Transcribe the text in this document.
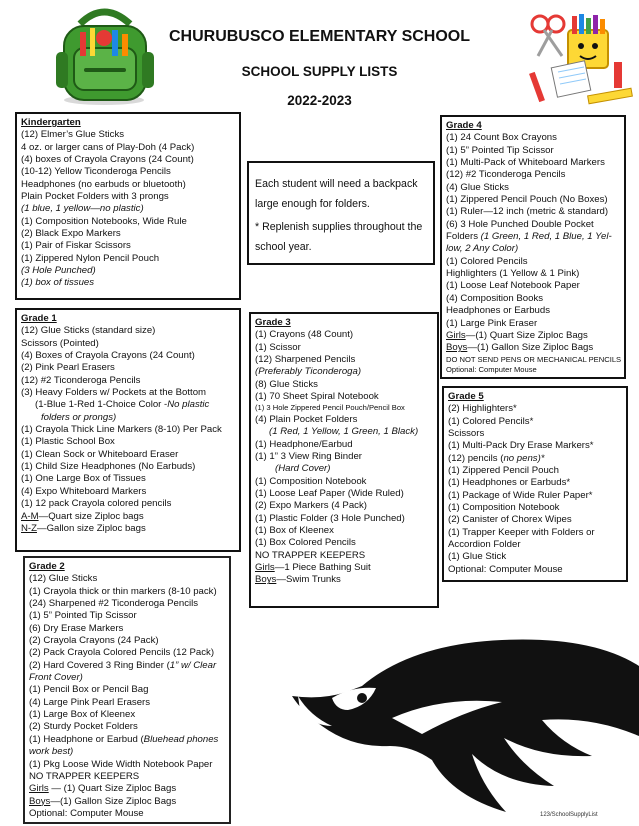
CHURUBUSCO ELEMENTARY SCHOOL
SCHOOL SUPPLY LISTS
2022-2023
Kindergarten
(12) Elmer’s Glue Sticks
4 oz. or larger cans of Play-Doh (4 Pack)
(4) boxes of Crayola Crayons (24 Count)
(10-12) Yellow Ticonderoga Pencils
Headphones (no earbuds or bluetooth)
Plain Pocket Folders with 3 prongs
(1 blue, 1 yellow—no plastic)
(1) Composition Notebooks, Wide Rule
(2) Black Expo Markers
(1) Pair of Fiskar Scissors
(1) Zippered Nylon Pencil Pouch
(3 Hole Punched)
(1) box of tissues
Each student will need a backpack large enough for folders.
* Replenish supplies throughout the school year.
Grade 1
(12) Glue Sticks (standard size)
Scissors (Pointed)
(4) Boxes of Crayola Crayons (24 Count)
(2) Pink Pearl Erasers
(12) #2 Ticonderoga Pencils
(3) Heavy Folders w/ Pockets at the Bottom
(1-Blue 1-Red 1-Choice Color -No plastic
folders or prongs)
(1) Crayola Thick Line Markers (8-10) Per Pack
(1) Plastic School Box
(1) Clean Sock or Whiteboard Eraser
(1) Child Size Headphones (No Earbuds)
(1) One Large Box of Tissues
(4) Expo Whiteboard Markers
(1) 12 pack Crayola colored pencils
A-M—Quart size Ziploc bags
N-Z—Gallon size Ziploc bags
Grade 2
(12) Glue Sticks
(1) Crayola thick or thin markers (8-10 pack)
(24) Sharpened #2 Ticonderoga Pencils
(1) 5” Pointed Tip Scissor
(6) Dry Erase Markers
(2) Crayola Crayons (24 Pack)
(2) Pack Crayola Colored Pencils (12 Pack)
(2) Hard Covered 3 Ring Binder (1” w/ Clear
Front Cover)
(1) Pencil Box or Pencil Bag
(4) Large Pink Pearl Erasers
(1) Large Box of Kleenex
(2) Sturdy Pocket Folders
(1) Headphone or Earbud (Bluehead phones
work best)
(1) Pkg Loose Wide Width Notebook Paper
NO TRAPPER KEEPERS
Girls — (1) Quart Size Ziploc Bags
Boys—(1) Gallon Size Ziploc Bags
Optional: Computer Mouse
Grade 3
(1) Crayons (48 Count)
(1) Scissor
(12) Sharpened Pencils
(Preferably Ticonderoga)
(8) Glue Sticks
(1) 70 Sheet Spiral Notebook
(1) 3 Hole Zippered Pencil Pouch/Pencil Box
(4) Plain Pocket Folders
(1 Red, 1 Yellow, 1 Green, 1 Black)
(1) Headphone/Earbud
(1) 1” 3 View Ring Binder
(Hard Cover)
(1) Composition Notebook
(1) Loose Leaf Paper (Wide Ruled)
(2) Expo Markers (4 Pack)
(1) Plastic Folder (3 Hole Punched)
(1) Box of Kleenex
(1) Box Colored Pencils
NO TRAPPER KEEPERS
Girls—1 Piece Bathing Suit
Boys—Swim Trunks
Grade 4
(1) 24 Count Box Crayons
(1) 5” Pointed Tip Scissor
(1) Multi-Pack of Whiteboard Markers
(12) #2 Ticonderoga Pencils
(4) Glue Sticks
(1) Zippered Pencil Pouch (No Boxes)
(1) Ruler—12 inch (metric & standard)
(6) 3 Hole Punched Double Pocket
Folders (1 Green, 1 Red, 1 Blue, 1 Yel-
low, 2 Any Color)
(1) Colored Pencils
Highlighters (1 Yellow & 1 Pink)
(1) Loose Leaf Notebook Paper
(4) Composition Books
Headphones or Earbuds
(1) Large Pink Eraser
Girls—(1) Quart Size Ziploc Bags
Boys—(1) Gallon Size Ziploc Bags
DO NOT SEND PENS OR MECHANICAL PENCILS
Optional: Computer Mouse
Grade 5
(2) Highlighters*
(1) Colored Pencils*
Scissors
(1) Multi-Pack Dry Erase Markers*
(12) pencils (no pens)*
(1) Zippered Pencil Pouch
(1) Headphones or Earbuds*
(1) Package of Wide Ruler Paper*
(1) Composition Notebook
(2) Canister of Chorex Wipes
(1) Trapper Keeper with Folders or
Accordion Folder
(1) Glue Stick
Optional: Computer Mouse
123/SchoolSupplyList
